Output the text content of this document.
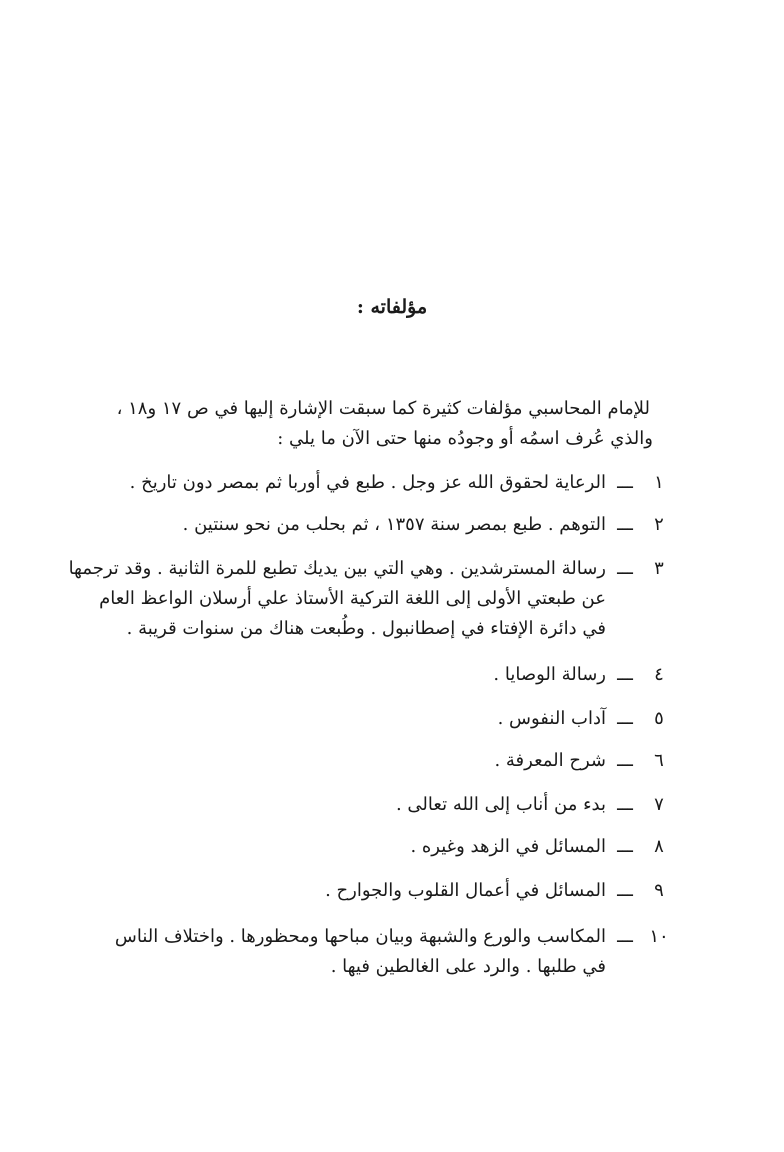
مؤلفاته :
للإمام المحاسبي مؤلفات كثيرة كما سبقت الإشارة إليها في ص ١٧ و١٨ ،
والذي عُرف اسمُه أو وجودُه منها حتى الآن ما يلي :
١
ـــ
الرعاية لحقوق الله عز وجل . طبع في أوربا ثم بمصر دون تاريخ .
٢
ـــ
التوهم . طبع بمصر سنة ١٣٥٧ ، ثم بحلب من نحو سنتين .
٣
ـــ
رسالة المسترشدين . وهي التي بين يديك تطبع للمرة الثانية . وقد ترجمها
عن طبعتي الأولى إلى اللغة التركية الأستاذ علي أرسلان الواعظ العام
في دائرة الإفتاء في إصطانبول . وطُبعت هناك من سنوات قريبة .
٤
ـــ
رسالة الوصايا .
٥
ـــ
آداب النفوس .
٦
ـــ
شرح المعرفة .
٧
ـــ
بدء من أناب إلى الله تعالى .
٨
ـــ
المسائل في الزهد وغيره .
٩
ـــ
المسائل في أعمال القلوب والجوارح .
١٠
ـــ
المكاسب والورع والشبهة وبيان مباحها ومحظورها . واختلاف الناس
في طلبها . والرد على الغالطين فيها .
